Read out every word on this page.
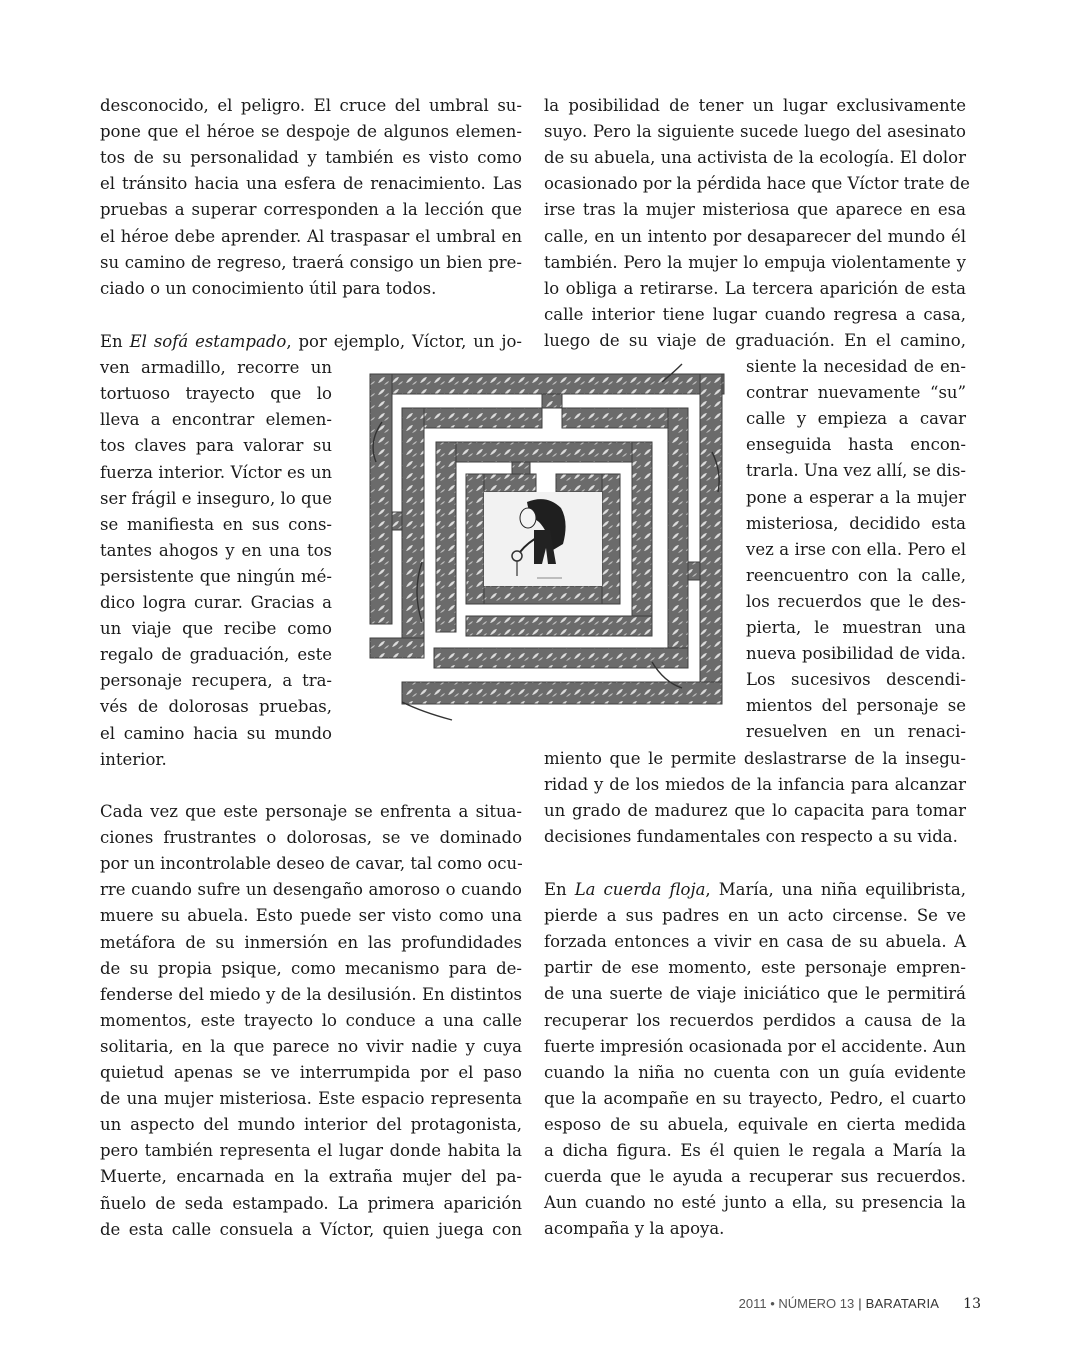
desconocido, el peligro. El cruce del umbral su-
pone que el héroe se despoje de algunos elemen-
tos de su personalidad y también es visto como
el tránsito hacia una esfera de renacimiento. Las
pruebas a superar corresponden a la lección que
el héroe debe aprender. Al traspasar el umbral en
su camino de regreso, traerá consigo un bien pre-
ciado o un conocimiento útil para todos.
En El sofá estampado, por ejemplo, Víctor, un jo-
ven armadillo, recorre un
tortuoso trayecto que lo
lleva a encontrar elemen-
tos claves para valorar su
fuerza interior. Víctor es un
ser frágil e inseguro, lo que
se manifiesta en sus cons-
tantes ahogos y en una tos
persistente que ningún mé-
dico logra curar. Gracias a
un viaje que recibe como
regalo de graduación, este
personaje recupera, a tra-
vés de dolorosas pruebas,
el camino hacia su mundo
interior.
Cada vez que este personaje se enfrenta a situa-
ciones frustrantes o dolorosas, se ve dominado
por un incontrolable deseo de cavar, tal como ocu-
rre cuando sufre un desengaño amoroso o cuando
muere su abuela. Esto puede ser visto como una
metáfora de su inmersión en las profundidades
de su propia psique, como mecanismo para de-
fenderse del miedo y de la desilusión. En distintos
momentos, este trayecto lo conduce a una calle
solitaria, en la que parece no vivir nadie y cuya
quietud apenas se ve interrumpida por el paso
de una mujer misteriosa. Este espacio representa
un aspecto del mundo interior del protagonista,
pero también representa el lugar donde habita la
Muerte, encarnada en la extraña mujer del pa-
ñuelo de seda estampado. La primera aparición
de esta calle consuela a Víctor, quien juega con
la posibilidad de tener un lugar exclusivamente
suyo. Pero la siguiente sucede luego del asesinato
de su abuela, una activista de la ecología. El dolor
ocasionado por la pérdida hace que Víctor trate de
irse tras la mujer misteriosa que aparece en esa
calle, en un intento por desaparecer del mundo él
también. Pero la mujer lo empuja violentamente y
lo obliga a retirarse. La tercera aparición de esta
calle interior tiene lugar cuando regresa a casa,
luego de su viaje de graduación. En el camino,
siente la necesidad de en-
contrar nuevamente “su”
calle y empieza a cavar
enseguida hasta encon-
trarla. Una vez allí, se dis-
pone a esperar a la mujer
misteriosa, decidido esta
vez a irse con ella. Pero el
reencuentro con la calle,
los recuerdos que le des-
pierta, le muestran una
nueva posibilidad de vida.
Los sucesivos descendi-
mientos del personaje se
resuelven en un renaci-
miento que le permite deslastrarse de la insegu-
ridad y de los miedos de la infancia para alcanzar
un grado de madurez que lo capacita para tomar
decisiones fundamentales con respecto a su vida.
En La cuerda floja, María, una niña equilibrista,
pierde a sus padres en un acto circense. Se ve
forzada entonces a vivir en casa de su abuela. A
partir de ese momento, este personaje empren-
de una suerte de viaje iniciático que le permitirá
recuperar los recuerdos perdidos a causa de la
fuerte impresión ocasionada por el accidente. Aun
cuando la niña no cuenta con un guía evidente
que la acompañe en su trayecto, Pedro, el cuarto
esposo de su abuela, equivale en cierta medida
a dicha figura. Es él quien le regala a María la
cuerda que le ayuda a recuperar sus recuerdos.
Aun cuando no esté junto a ella, su presencia la
acompaña y la apoya.
2011 • NÚMERO 13 | BARATARIA 13
